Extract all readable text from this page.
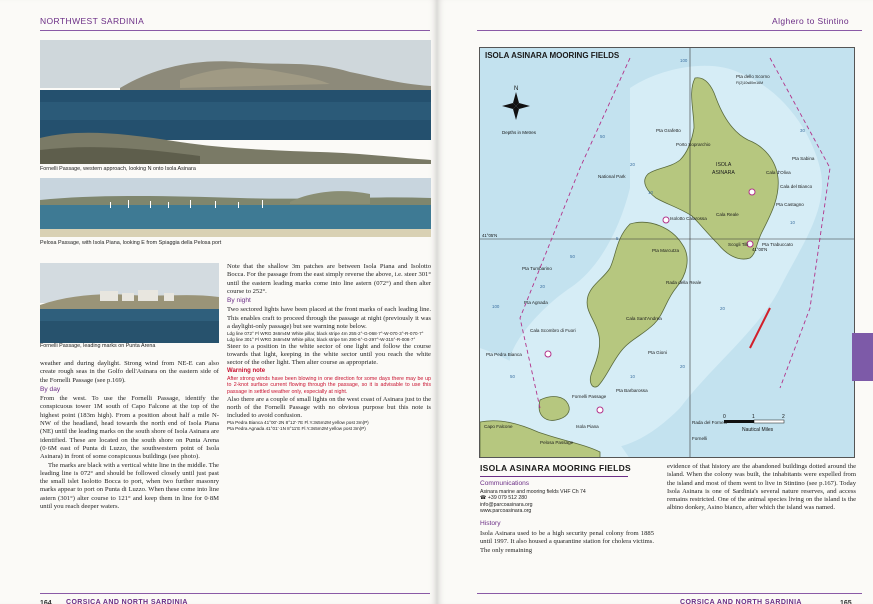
NORTHWEST SARDINIA
Fornelli Passage, western approach, looking N onto Isola Asinara
Pelosa Passage, with Isola Piana, looking E from Spiaggia della Pelosa port
Fornelli Passage, leading marks on Punta Arena

weather and during daylight. Strong wind from NE-E can also create rough seas in the Golfo dell'Asinara on the eastern side of the Fornelli Passage (see p.169).

By day

From the west. To use the Fornelli Passage, identify the conspicuous tower 1M south of Capo Falcone at the top of the highest point (183m high). From a position about half a mile N-NW of the headland, head towards the north end of Isola Piana (NE) until the leading marks on the south shore of Isola Asinara are identified. These are located on the south shore on Punta Arena (0·6M east of Punta di Luzzo, the southwestern point of Isola Asinara) in front of some conspicuous buildings (see photo).

The marks are black with a vertical white line in the middle. The leading line is 072° and should be followed closely until just past the small islet Isolotto Bocca to port, when two further masonry marks appear to port on Punta di Luzzo. When these come into line astern (301°) alter course to 121° and keep them in line for 0·8M until you reach deeper waters.

Note that the shallow 3m patches are between Isola Piana and Isolotto Bocca. For the passage from the east simply reverse the above, i.e. steer 301° until the eastern leading marks come into line astern (072°) and then alter course to 252°.

By night

Two sectored lights have been placed at the front marks of each leading line. This enables craft to proceed through the passage at night (previously it was a daylight-only passage) but see warning note below.

Ldg line 072° Fl WRG 3s6m4M White pillar, black stripe 4m 255·2°-G-068·7°-W-070·3°-R-070·7°

Ldg line 301° Fl WRG 3s6m4M White pillar, black stripe 5m 290·6°-G-297°-W-315°-R-008·7°

Steer to a position in the white sector of one light and follow the course towards that light, keeping in the white sector until you reach the white sector of the other light. Then alter course as appropriate.

Warning note

After strong winds have been blowing in one direction for some days there may be up to 2-knot surface current flowing through the passage, so it is advisable to use this passage in settled weather only, especially at night.

Also there are a couple of small lights on the west coast of Asinara just to the north of the Fornelli Passage with no obvious purpose but this note is included to avoid confusion.

Pta Pedra Bianca 41°00'·2N 8°12'·7E Fl.Y.3s5m2M yellow post 3m(P)

Pta Pedra Agnada 41°01'·1N 8°11'E Fl.Y.3s5m2M yellow post 3m(P)

164 CORSICA AND NORTH SARDINIA
Alghero to Stintino
N
0	1	2
Nautical Miles
Depths in Metres
41°05'N
41°00'N
Pta dello Scorno
Fl(2)10s80m16M
Pta Grafetto
Porto Soprarchio
ISOLA
ASINARA
National Park
Pta Sabina
Cala d'Oliva
Cala del Bianco
Pta Castagno
Isolotto Calarossa
Cala Reale
Scogli Tilli	Pta Trabuccato
Pta Marcutza
Pta Tumbarino
Rada della Reale
Pta Agnada
Cala Sant'Andrea
Cala Scombro di Fuori
Pta Gioni
Pta Pedra Bianca
Pta Barbarossa
Isola Piana
Capo Falcone
Rada del Fornelli
Fornelli
Fornelli Passage
Pelosa Passage
100
50
20
10
5
50
20
30
10
20
100
50
20
10
ISOLA ASINARA MOORING FIELDS
ISOLA ASINARA MOORING FIELDS
Communications
Asinara marine and mooring fields VHF Ch 74
☎ +39 079 512 280
info@parcoasinara.org
www.parcoasinara.org
History

Isola Asinara used to be a high security penal colony from 1885 until 1997. It also housed a quarantine station for cholera victims. The only remaining

evidence of that history are the abandoned buildings dotted around the island. When the colony was built, the inhabitants were expelled from the island and most of them went to live in Stintino (see p.167). Today Isola Asinara is one of Sardinia's several nature reserves, and access remains restricted. One of the animal species living on the island is the albino donkey, Asino bianco, after which the island was named.

CORSICA AND NORTH SARDINIA	165
